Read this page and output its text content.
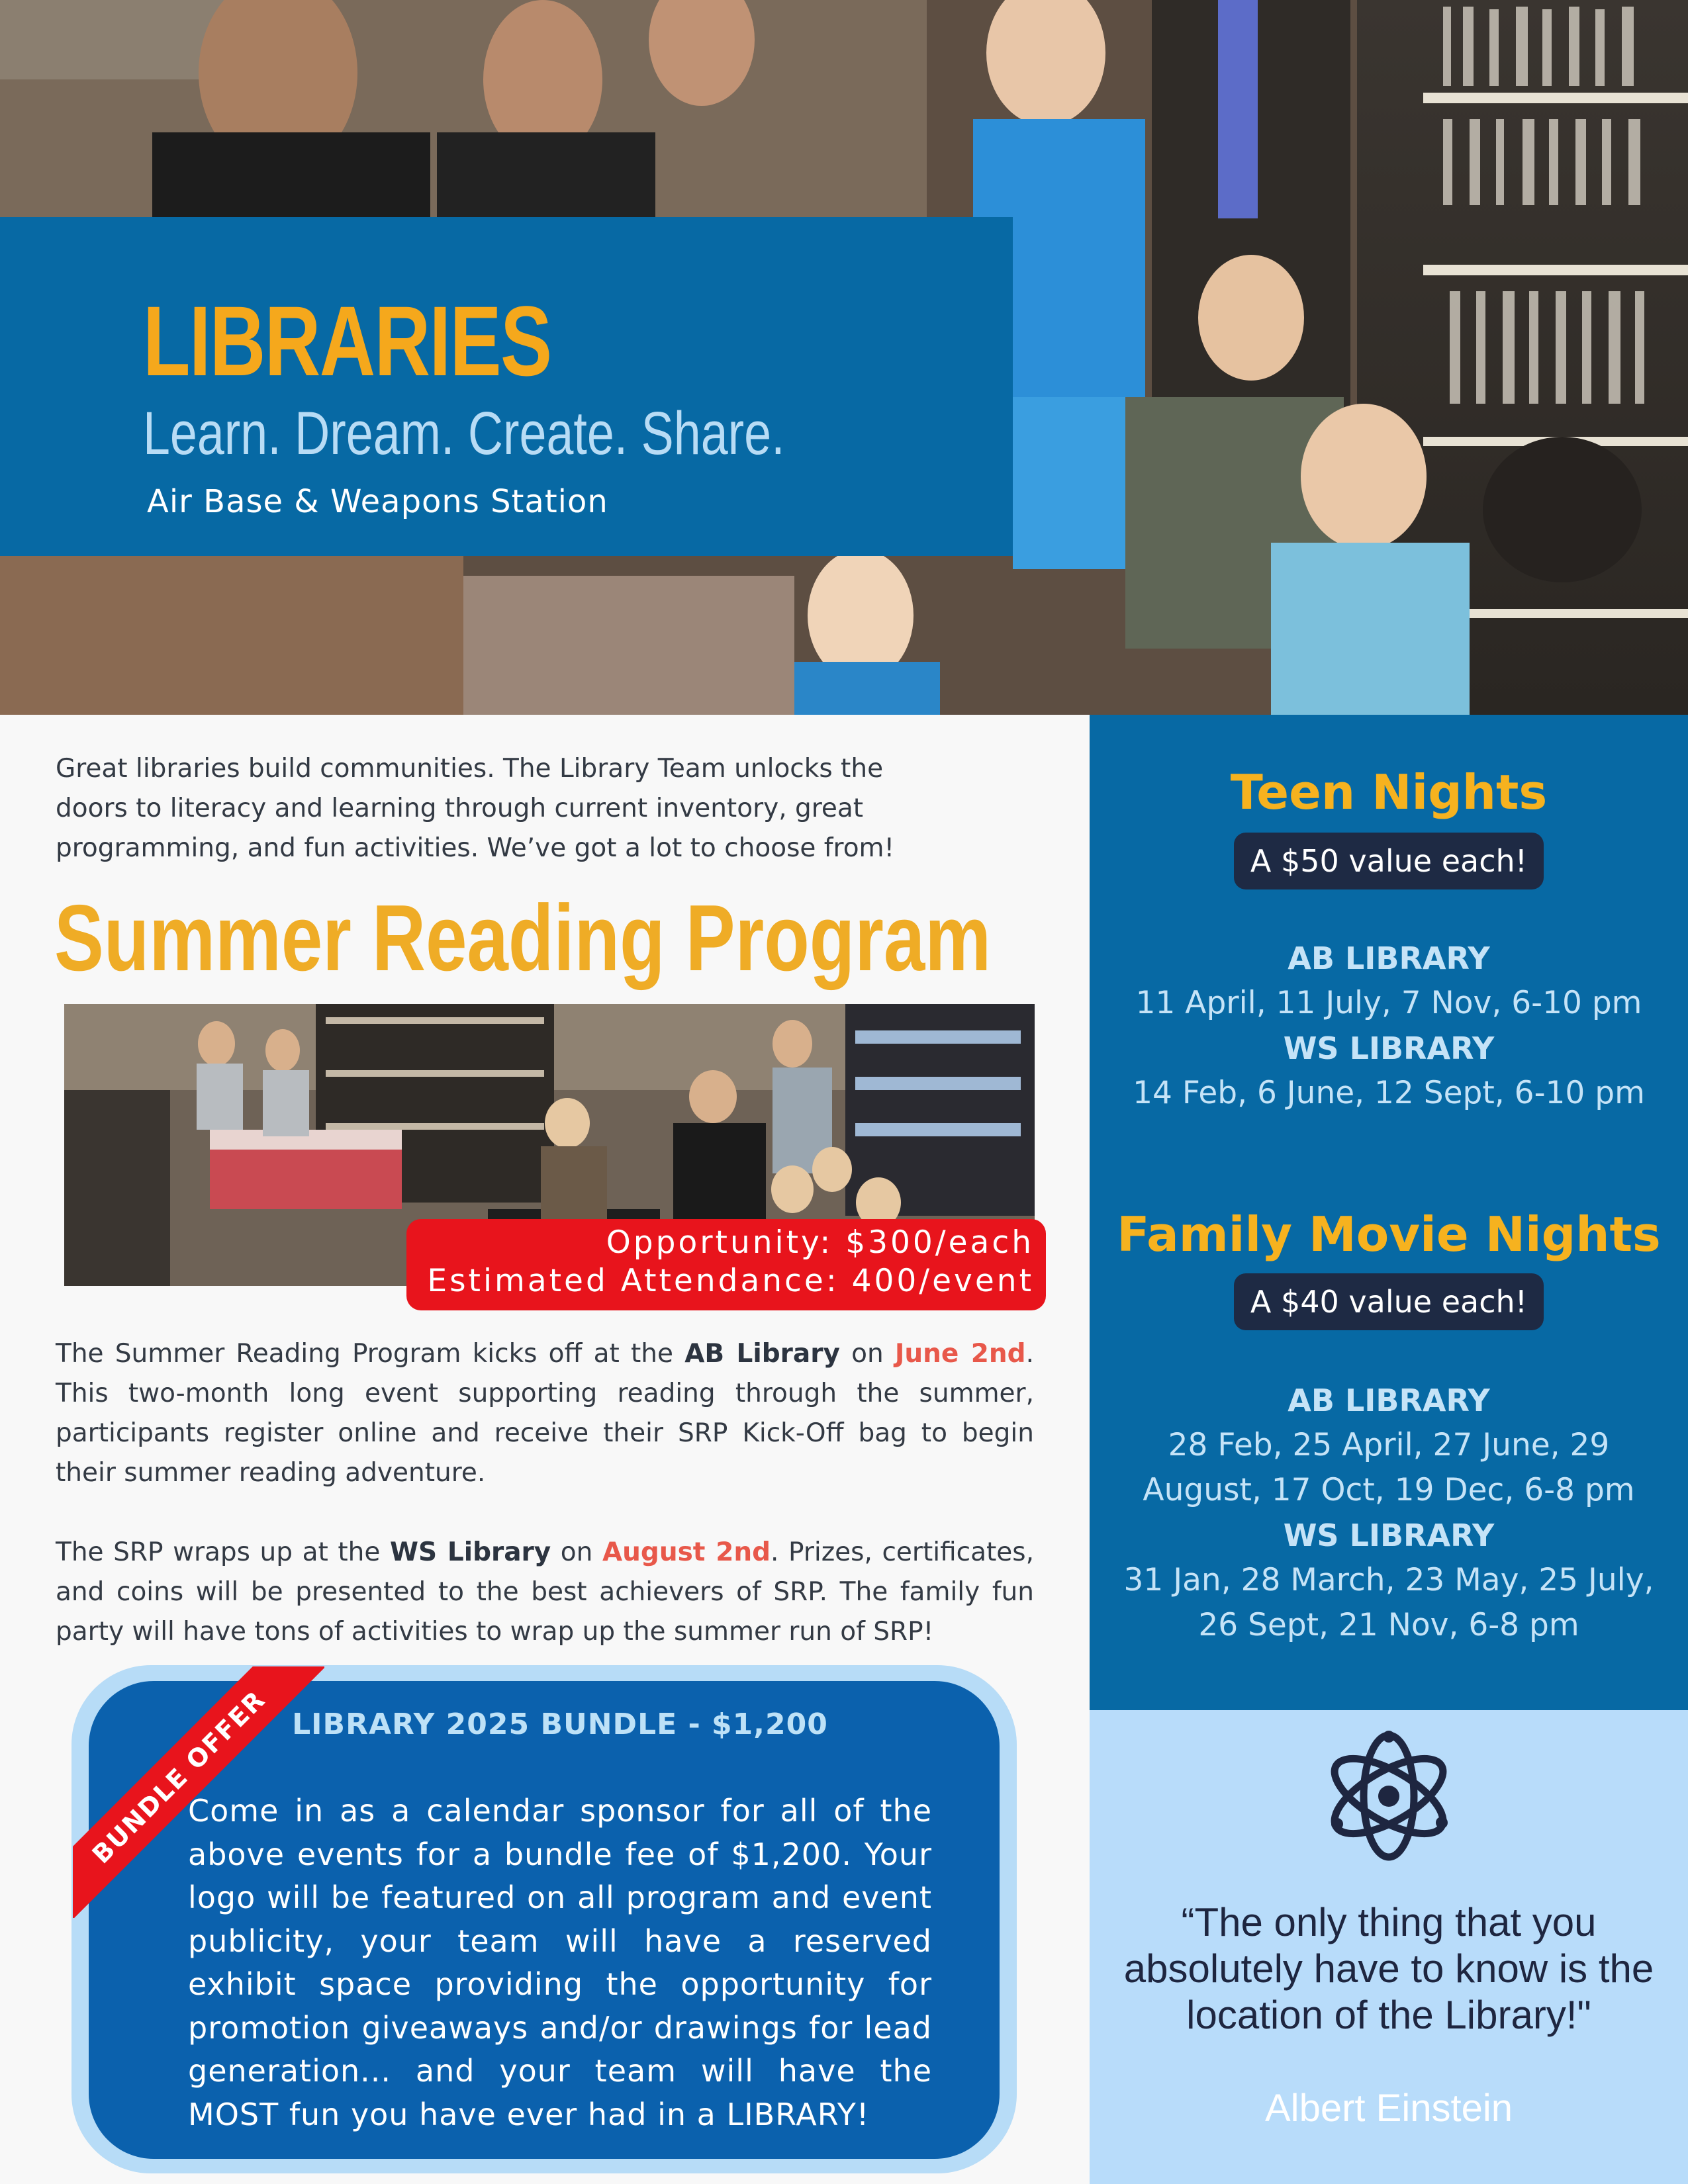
LIBRARIES
Learn. Dream. Create. Share.
Air Base & Weapons Station

Great libraries build communities. The Library Team unlocks the doors to literacy and learning through current inventory, great programming, and fun activities. We’ve got a lot to choose from!

Summer Reading Program
Opportunity: $300/each
Estimated Attendance: 400/event

The Summer Reading Program kicks off at the AB Library on June 2nd. This two-month long event supporting reading through the summer, participants register online and receive their SRP Kick-Off bag to begin their summer reading adventure.

The SRP wraps up at the WS Library on August 2nd. Prizes, certificates, and coins will be presented to the best achievers of SRP. The family fun party will have tons of activities to wrap up the summer run of SRP!

LIBRARY 2025 BUNDLE - $1,200

Come in as a calendar sponsor for all of the above events for a bundle fee of $1,200. Your logo will be featured on all program and event publicity, your team will have a reserved exhibit space providing the opportunity for promotion giveaways and/or drawings for lead generation... and your team will have the MOST fun you have ever had in a LIBRARY!

BUNDLE OFFER
Teen Nights
A $50 value each!
AB LIBRARY
11 April, 11 July, 7 Nov, 6-10 pm
WS LIBRARY
14 Feb, 6 June, 12 Sept, 6-10 pm
Family Movie Nights
A $40 value each!
AB LIBRARY
28 Feb, 25 April, 27 June, 29
August, 17 Oct, 19 Dec, 6-8 pm
WS LIBRARY
31 Jan, 28 March, 23 May, 25 July,
26 Sept, 21 Nov, 6-8 pm

“The only thing that you absolutely have to know is the location of the Library!"

Albert Einstein
